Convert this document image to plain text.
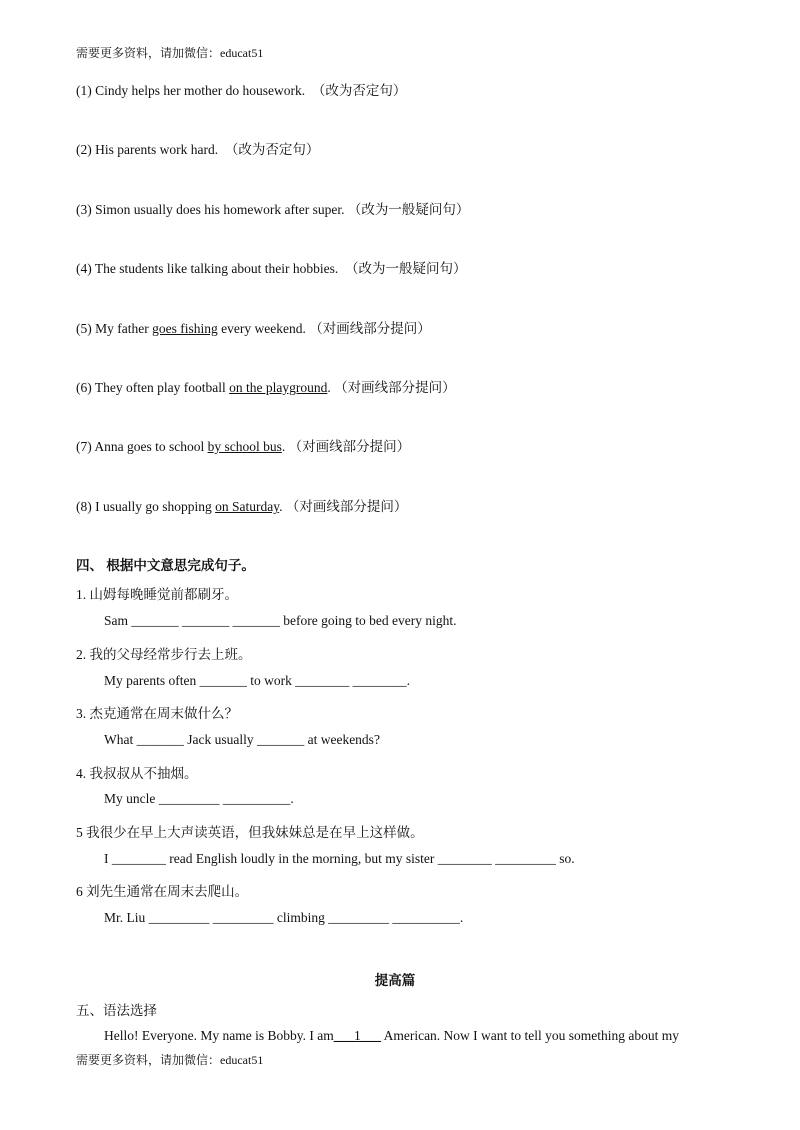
需要更多资料，请加微信：educat51
(1) Cindy helps her mother do housework. （改为否定句）
(2) His parents work hard. （改为否定句）
(3) Simon usually does his homework after super. （改为一般疑问句）
(4) The students like talking about their hobbies. （改为一般疑问句）
(5) My father goes fishing every weekend. （对画线部分提问）
(6) They often play football on the playground. （对画线部分提问）
(7) Anna goes to school by school bus. （对画线部分提问）
(8) I usually go shopping on Saturday. （对画线部分提问）
四、 根据中文意思完成句子。
1. 山姆每晚睡觉前都刷牙。
Sam _______ _______ _______ before going to bed every night.
2. 我的父母经常步行去上班。
My parents often _______ to work ________ ________.
3. 杰克通常在周末做什么？
What _______ Jack usually _______ at weekends?
4. 我叔叔从不抽烟。
My uncle _________ __________.
5 我很少在早上大声读英语，但我妹妹总是在早上这样做。
I ________ read English loudly in the morning, but my sister ________ _________ so.
6 刘先生通常在周末去爬山。
Mr. Liu _________ _________ climbing _________ __________.
提高篇
五、语法选择
Hello! Everyone. My name is Bobby. I am___1___ American. Now I want to tell you something about my
需要更多资料，请加微信：educat51
